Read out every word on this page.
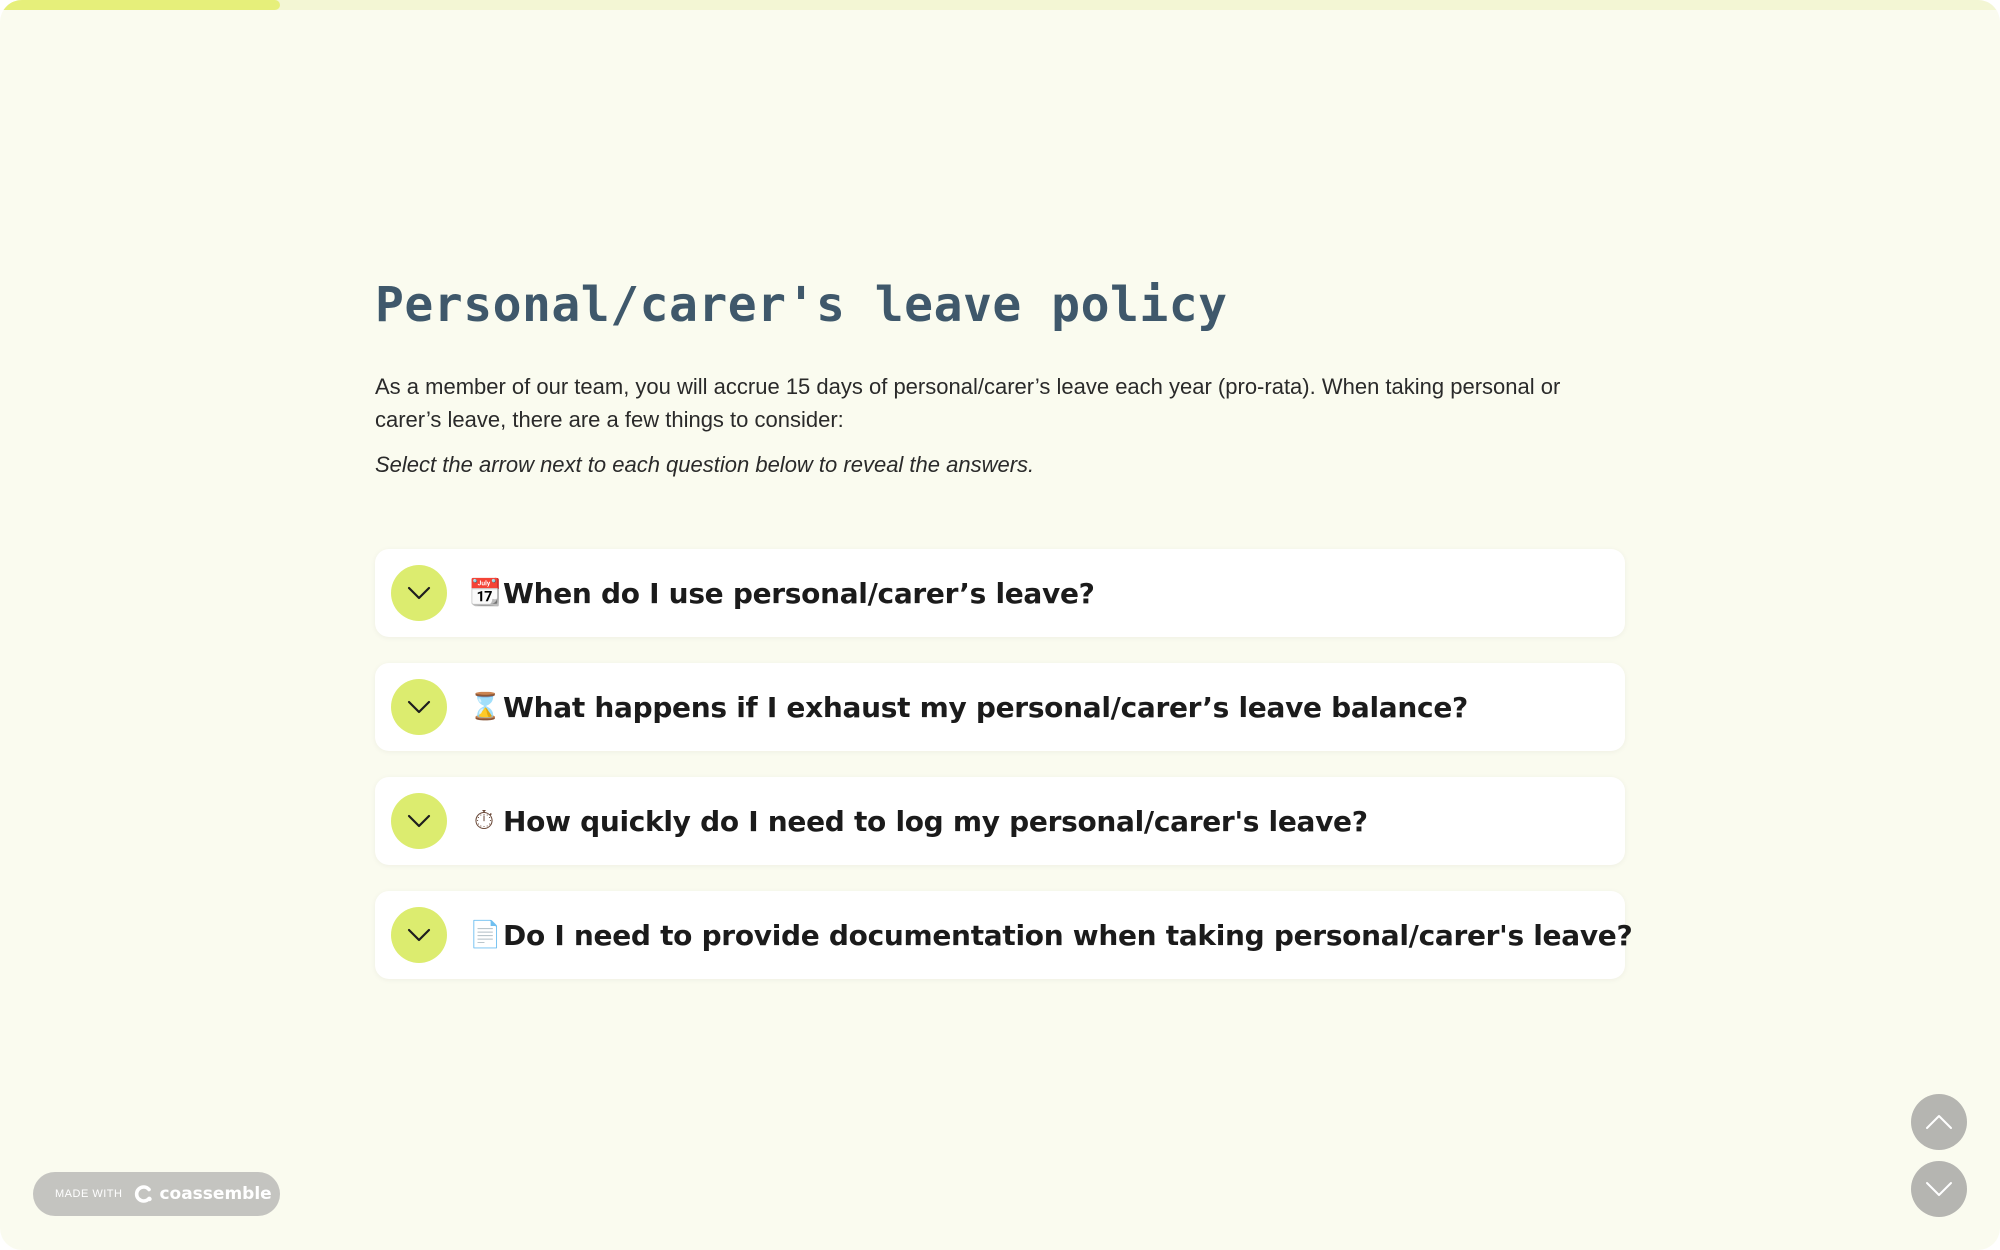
Personal/carer's leave policy

As a member of our team, you will accrue 15 days of personal/carer’s leave each year (pro-rata). When taking personal or carer’s leave, there are a few things to consider:

Select the arrow next to each question below to reveal the answers.

📆 When do I use personal/carer’s leave?
⌛ What happens if I exhaust my personal/carer’s leave balance?
⏱ How quickly do I need to log my personal/carer's leave?
📄 Do I need to provide documentation when taking personal/carer's leave?
MADE WITH coassemble
